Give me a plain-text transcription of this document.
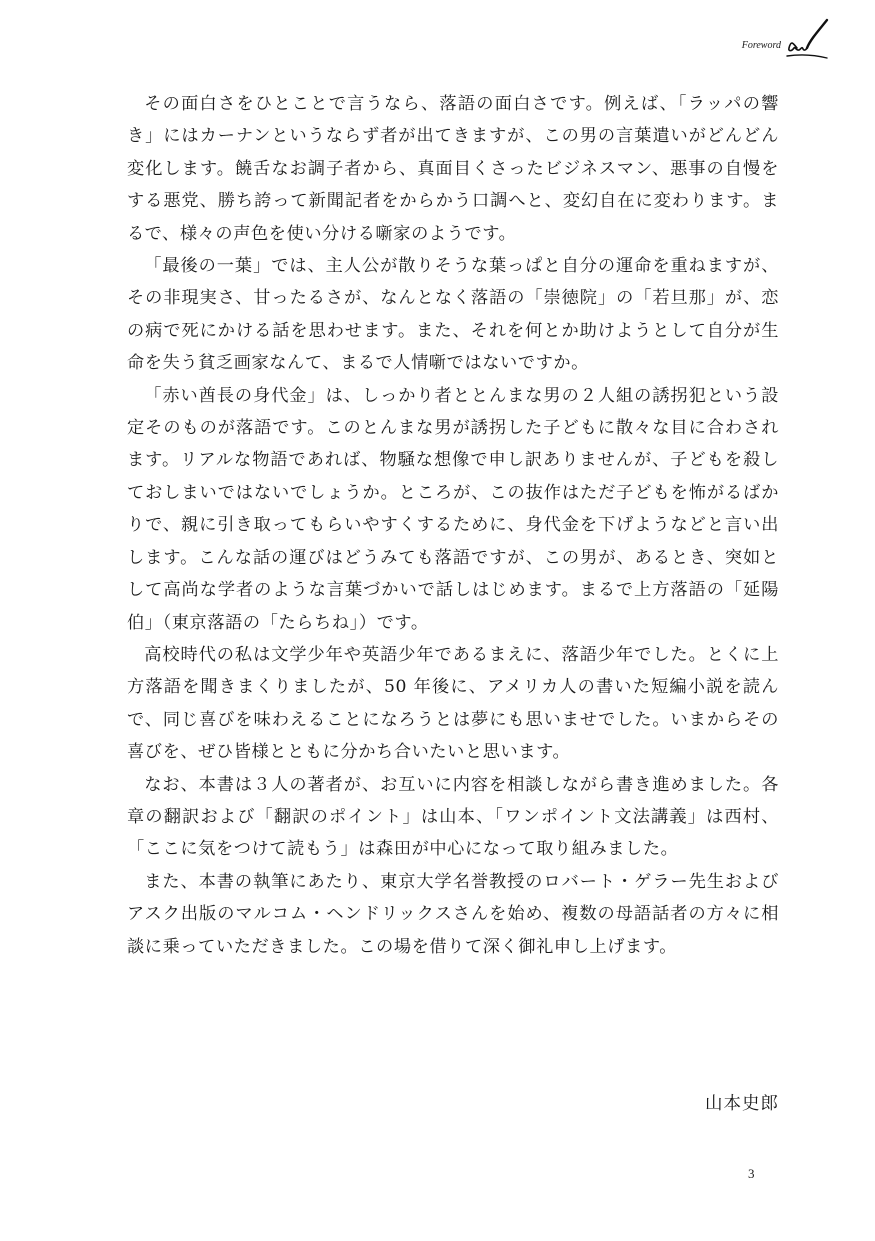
Foreword

その面白さをひとことで言うなら、落語の面白さです。例えば、「ラッパの響き」にはカーナンというならず者が出てきますが、この男の言葉遣いがどんどん変化します。饒舌なお調子者から、真面目くさったビジネスマン、悪事の自慢をする悪党、勝ち誇って新聞記者をからかう口調へと、変幻自在に変わります。まるで、様々の声色を使い分ける噺家のようです。

「最後の一葉」では、主人公が散りそうな葉っぱと自分の運命を重ねますが、その非現実さ、甘ったるさが、なんとなく落語の「崇徳院」の「若旦那」が、恋の病で死にかける話を思わせます。また、それを何とか助けようとして自分が生命を失う貧乏画家なんて、まるで人情噺ではないですか。

「赤い酋長の身代金」は、しっかり者ととんまな男の２人組の誘拐犯という設定そのものが落語です。このとんまな男が誘拐した子どもに散々な目に合わされます。リアルな物語であれば、物騒な想像で申し訳ありませんが、子どもを殺しておしまいではないでしょうか。ところが、この抜作はただ子どもを怖がるばかりで、親に引き取ってもらいやすくするために、身代金を下げようなどと言い出します。こんな話の運びはどうみても落語ですが、この男が、あるとき、突如として高尚な学者のような言葉づかいで話しはじめます。まるで上方落語の「延陽伯」（東京落語の「たらちね」）です。

高校時代の私は文学少年や英語少年であるまえに、落語少年でした。とくに上方落語を聞きまくりましたが、50 年後に、アメリカ人の書いた短編小説を読んで、同じ喜びを味わえることになろうとは夢にも思いませでした。いまからその喜びを、ぜひ皆様とともに分かち合いたいと思います。

なお、本書は３人の著者が、お互いに内容を相談しながら書き進めました。各章の翻訳および「翻訳のポイント」は山本、「ワンポイント文法講義」は西村、「ここに気をつけて読もう」は森田が中心になって取り組みました。

また、本書の執筆にあたり、東京大学名誉教授のロバート・ゲラー先生およびアスク出版のマルコム・ヘンドリックスさんを始め、複数の母語話者の方々に相談に乗っていただきました。この場を借りて深く御礼申し上げます。

山本史郎
3
